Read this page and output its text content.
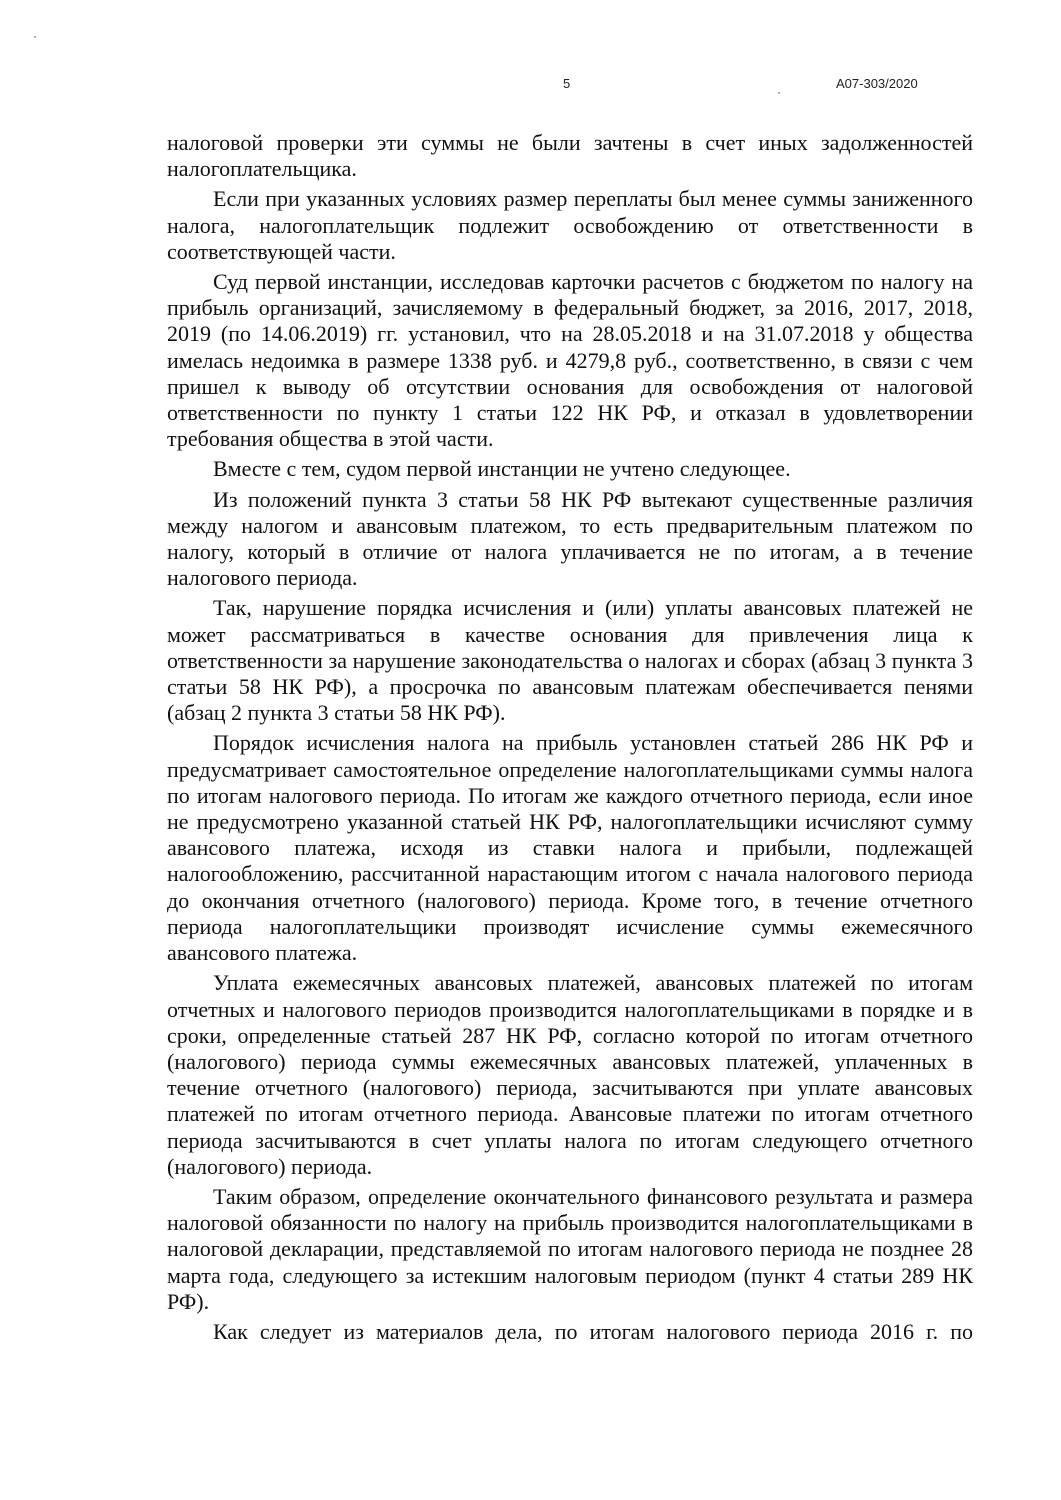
5	А07-303/2020

налоговой проверки эти суммы не были зачтены в счет иных задолженностей налогоплательщика.

Если при указанных условиях размер переплаты был менее суммы заниженного налога, налогоплательщик подлежит освобождению от ответственности в соответствующей части.

Суд первой инстанции, исследовав карточки расчетов с бюджетом по налогу на прибыль организаций, зачисляемому в федеральный бюджет, за 2016, 2017, 2018, 2019 (по 14.06.2019) гг. установил, что на 28.05.2018 и на 31.07.2018 у общества имелась недоимка в размере 1338 руб. и 4279,8 руб., соответственно, в связи с чем пришел к выводу об отсутствии основания для освобождения от налоговой ответственности по пункту 1 статьи 122 НК РФ, и отказал в удовлетворении требования общества в этой части.

Вместе с тем, судом первой инстанции не учтено следующее.

Из положений пункта 3 статьи 58 НК РФ вытекают существенные различия между налогом и авансовым платежом, то есть предварительным платежом по налогу, который в отличие от налога уплачивается не по итогам, а в течение налогового периода.

Так, нарушение порядка исчисления и (или) уплаты авансовых платежей не может рассматриваться в качестве основания для привлечения лица к ответственности за нарушение законодательства о налогах и сборах (абзац 3 пункта 3 статьи 58 НК РФ), а просрочка по авансовым платежам обеспечивается пенями (абзац 2 пункта 3 статьи 58 НК РФ).

Порядок исчисления налога на прибыль установлен статьей 286 НК РФ и предусматривает самостоятельное определение налогоплательщиками суммы налога по итогам налогового периода. По итогам же каждого отчетного периода, если иное не предусмотрено указанной статьей НК РФ, налогоплательщики исчисляют сумму авансового платежа, исходя из ставки налога и прибыли, подлежащей налогообложению, рассчитанной нарастающим итогом с начала налогового периода до окончания отчетного (налогового) периода. Кроме того, в течение отчетного периода налогоплательщики производят исчисление суммы ежемесячного авансового платежа.

Уплата ежемесячных авансовых платежей, авансовых платежей по итогам отчетных и налогового периодов производится налогоплательщиками в порядке и в сроки, определенные статьей 287 НК РФ, согласно которой по итогам отчетного (налогового) периода суммы ежемесячных авансовых платежей, уплаченных в течение отчетного (налогового) периода, засчитываются при уплате авансовых платежей по итогам отчетного периода. Авансовые платежи по итогам отчетного периода засчитываются в счет уплаты налога по итогам следующего отчетного (налогового) периода.

Таким образом, определение окончательного финансового результата и размера налоговой обязанности по налогу на прибыль производится налогоплательщиками в налоговой декларации, представляемой по итогам налогового периода не позднее 28 марта года, следующего за истекшим налоговым периодом (пункт 4 статьи 289 НК РФ).

Как следует из материалов дела, по итогам налогового периода 2016 г. по
